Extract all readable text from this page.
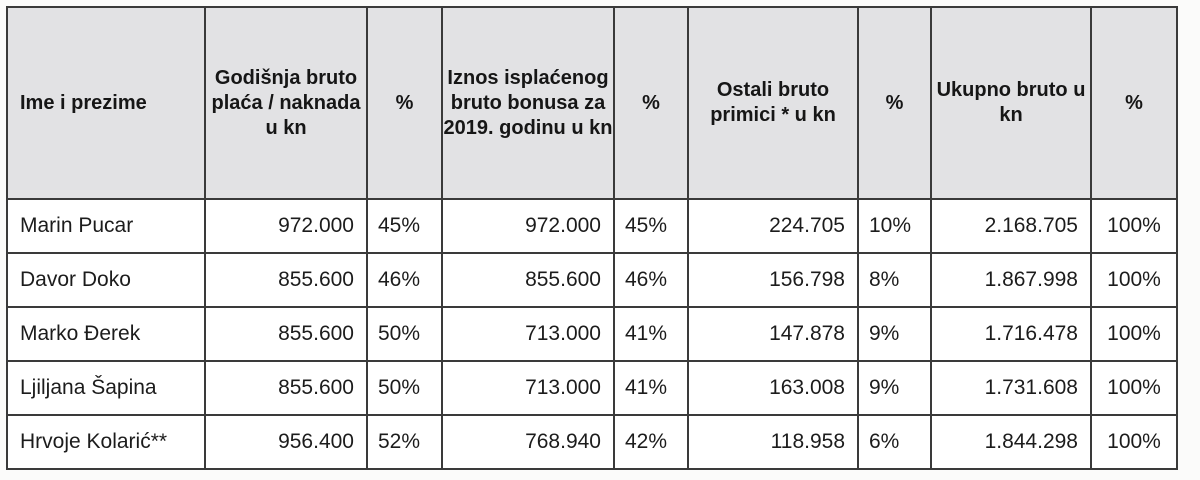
Ime i prezime	Godišnja bruto plaća / naknada u kn	%	Iznos isplaćenog bruto bonusa za 2019. godinu u kn	%	Ostali bruto primici * u kn	%	Ukupno bruto u kn	%
Marin Pucar	972.000	45%	972.000	45%	224.705	10%	2.168.705	100%
Davor Doko	855.600	46%	855.600	46%	156.798	8%	1.867.998	100%
Marko Đerek	855.600	50%	713.000	41%	147.878	9%	1.716.478	100%
Ljiljana Šapina	855.600	50%	713.000	41%	163.008	9%	1.731.608	100%
Hrvoje Kolarić**	956.400	52%	768.940	42%	118.958	6%	1.844.298	100%
